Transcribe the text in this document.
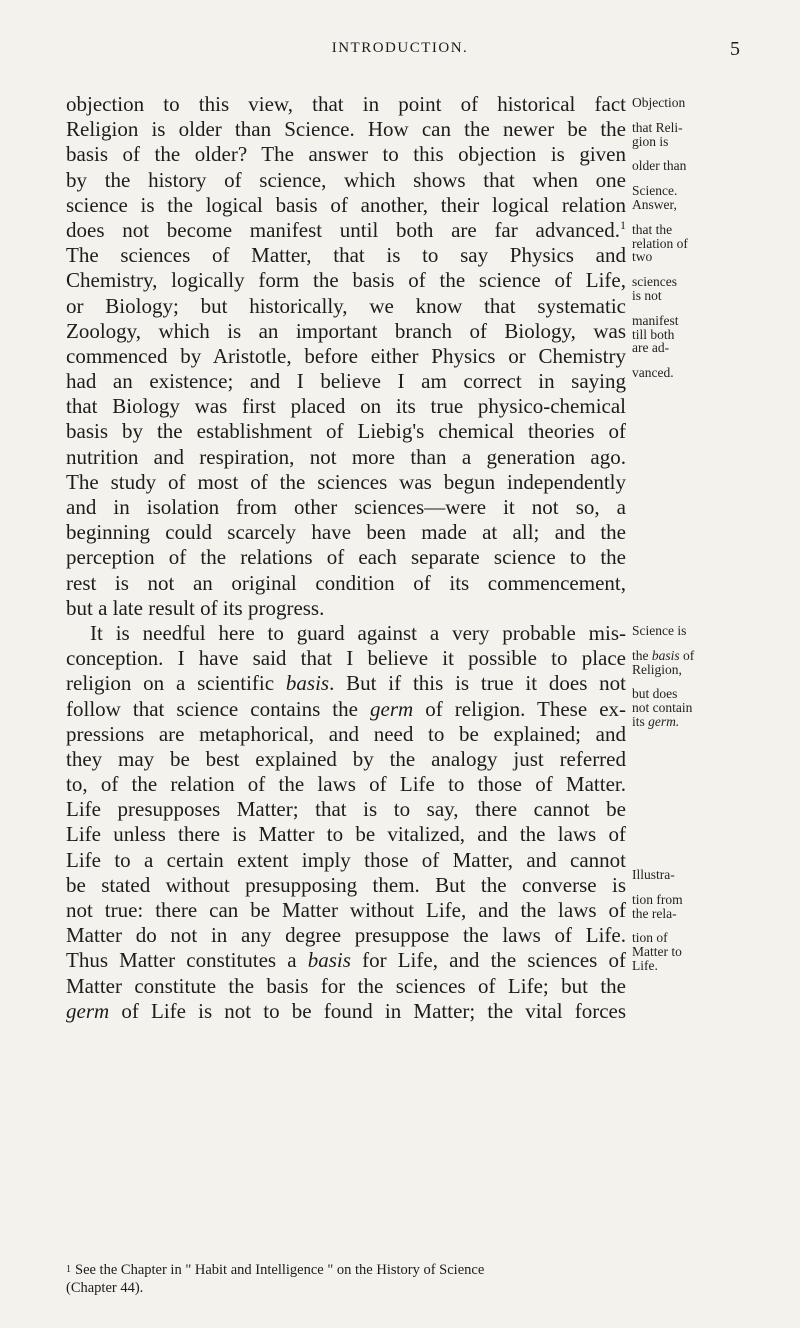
INTRODUCTION.	5
objection to this view, that in point of historical fact
Religion is older than Science. How can the newer be the
basis of the older? The answer to this objection is given
by the history of science, which shows that when one
science is the logical basis of another, their logical relation
does not become manifest until both are far advanced.$^1$
The sciences of Matter, that is to say Physics and
Chemistry, logically form the basis of the science of Life,
or Biology; but historically, we know that systematic
Zoology, which is an important branch of Biology, was
commenced by Aristotle, before either Physics or Chemistry
had an existence; and I believe I am correct in saying
that Biology was first placed on its true physico-chemical
basis by the establishment of Liebig's chemical theories of
nutrition and respiration, not more than a generation ago.
The study of most of the sciences was begun independently
and in isolation from other sciences—were it not so, a
beginning could scarcely have been made at all; and the
perception of the relations of each separate science to the
rest is not an original condition of its commencement,
but a late result of its progress.
It is needful here to guard against a very probable mis-
conception. I have said that I believe it possible to place
religion on a scientific basis. But if this is true it does not
follow that science contains the germ of religion. These ex-
pressions are metaphorical, and need to be explained; and
they may be best explained by the analogy just referred
to, of the relation of the laws of Life to those of Matter.
Life presupposes Matter; that is to say, there cannot be
Life unless there is Matter to be vitalized, and the laws of
Life to a certain extent imply those of Matter, and cannot
be stated without presupposing them. But the converse is
not true: there can be Matter without Life, and the laws of
Matter do not in any degree presuppose the laws of Life.
Thus Matter constitutes a basis for Life, and the sciences of
Matter constitute the basis for the sciences of Life; but the
germ of Life is not to be found in Matter; the vital forces
Objection
that Reli-
gion is
older than
Science.
Answer,
that the
relation of
two
sciences
is not
manifest
till both
are ad-
vanced.
Science is
the basis of
Religion,
but does
not contain
its germ.
Illustra-
tion from
the rela-
tion of
Matter to
Life.
$^1$ See the Chapter in " Habit and Intelligence " on the History of Science
(Chapter 44).
